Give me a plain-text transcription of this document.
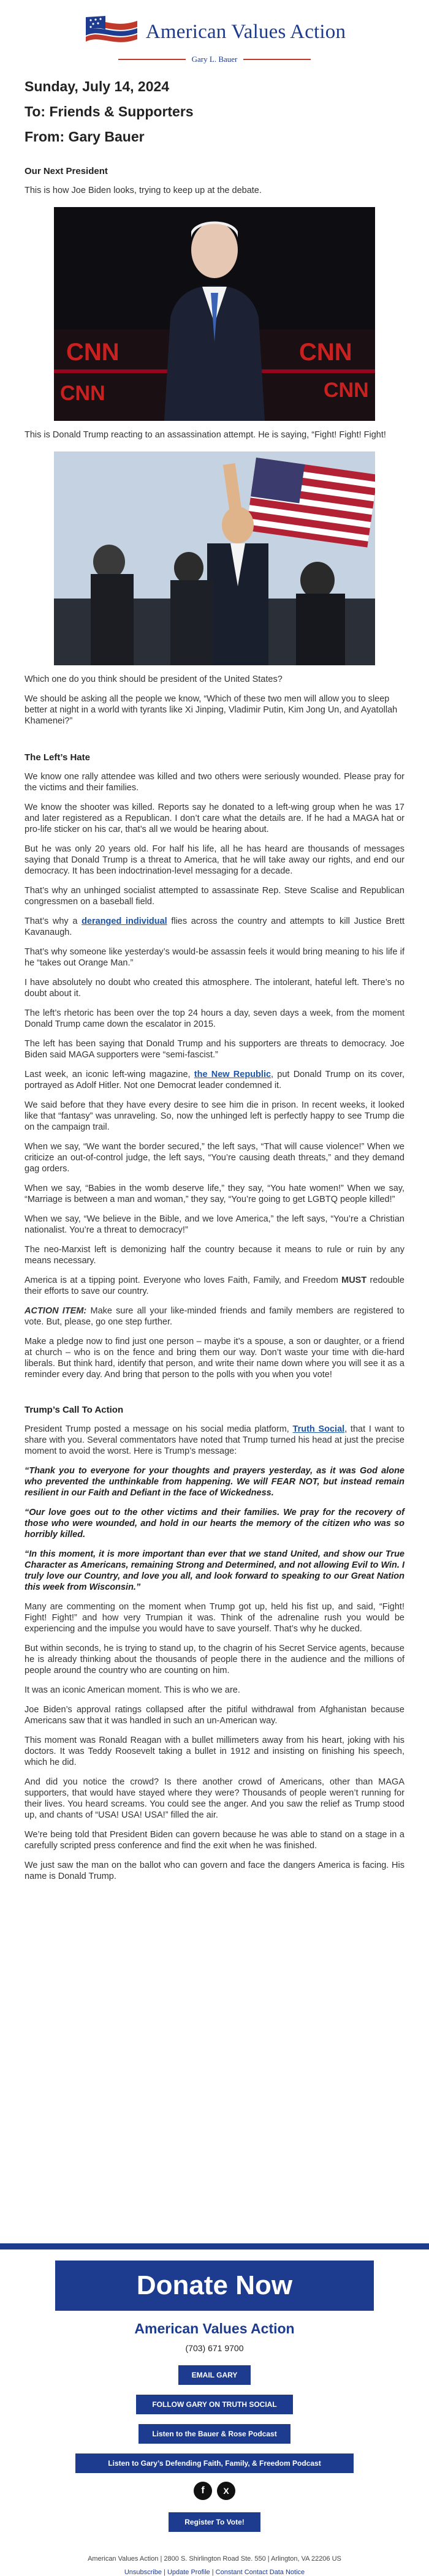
American Values Action
Gary L. Bauer
Sunday, July 14, 2024
To: Friends & Supporters
From: Gary Bauer
Our Next President
This is how Joe Biden looks, trying to keep up at the debate.
CNN	CNN
CNN
CNN
This is Donald Trump reacting to an assassination attempt. He is saying, “Fight! Fight! Fight!
Which one do you think should be president of the United States?
We should be asking all the people we know, “Which of these two men will allow you to sleep better at night in a world with tyrants like Xi Jinping, Vladimir Putin, Kim Jong Un, and Ayatollah Khamenei?”
The Left’s Hate
We know one rally attendee was killed and two others were seriously wounded. Please pray for the victims and their families.
We know the shooter was killed. Reports say he donated to a left-wing group when he was 17 and later registered as a Republican. I don’t care what the details are. If he had a MAGA hat or pro-life sticker on his car, that’s all we would be hearing about.
But he was only 20 years old. For half his life, all he has heard are thousands of messages saying that Donald Trump is a threat to America, that he will take away our rights, and end our democracy. It has been indoctrination-level messaging for a decade.
That’s why an unhinged socialist attempted to assassinate Rep. Steve Scalise and Republican congressmen on a baseball field.
That’s why a deranged individual flies across the country and attempts to kill Justice Brett Kavanaugh.
That’s why someone like yesterday’s would-be assassin feels it would bring meaning to his life if he “takes out Orange Man.”
I have absolutely no doubt who created this atmosphere. The intolerant, hateful left. There’s no doubt about it.
The left’s rhetoric has been over the top 24 hours a day, seven days a week, from the moment Donald Trump came down the escalator in 2015.
The left has been saying that Donald Trump and his supporters are threats to democracy. Joe Biden said MAGA supporters were “semi-fascist.”
Last week, an iconic left-wing magazine, the New Republic, put Donald Trump on its cover, portrayed as Adolf Hitler. Not one Democrat leader condemned it.
We said before that they have every desire to see him die in prison. In recent weeks, it looked like that “fantasy” was unraveling. So, now the unhinged left is perfectly happy to see Trump die on the campaign trail.
When we say, “We want the border secured,” the left says, “That will cause violence!” When we criticize an out-of-control judge, the left says, “You’re causing death threats,” and they demand gag orders.
When we say, “Babies in the womb deserve life,” they say, “You hate women!” When we say, “Marriage is between a man and woman,” they say, “You’re going to get LGBTQ people killed!”
When we say, “We believe in the Bible, and we love America,” the left says, “You’re a Christian nationalist. You’re a threat to democracy!”
The neo-Marxist left is demonizing half the country because it means to rule or ruin by any means necessary.
America is at a tipping point. Everyone who loves Faith, Family, and Freedom MUST redouble their efforts to save our country.
ACTION ITEM: Make sure all your like-minded friends and family members are registered to vote. But, please, go one step further.
Make a pledge now to find just one person – maybe it’s a spouse, a son or daughter, or a friend at church – who is on the fence and bring them our way. Don’t waste your time with die-hard liberals. But think hard, identify that person, and write their name down where you will see it as a reminder every day. And bring that person to the polls with you when you vote!
Trump’s Call To Action
President Trump posted a message on his social media platform, Truth Social, that I want to share with you. Several commentators have noted that Trump turned his head at just the precise moment to avoid the worst. Here is Trump’s message:
“Thank you to everyone for your thoughts and prayers yesterday, as it was God alone who prevented the unthinkable from happening. We will FEAR NOT, but instead remain resilient in our Faith and Defiant in the face of Wickedness.
“Our love goes out to the other victims and their families. We pray for the recovery of those who were wounded, and hold in our hearts the memory of the citizen who was so horribly killed.
“In this moment, it is more important than ever that we stand United, and show our True Character as Americans, remaining Strong and Determined, and not allowing Evil to Win. I truly love our Country, and love you all, and look forward to speaking to our Great Nation this week from Wisconsin.”
Many are commenting on the moment when Trump got up, held his fist up, and said, “Fight! Fight! Fight!” and how very Trumpian it was. Think of the adrenaline rush you would be experiencing and the impulse you would have to save yourself. That’s why he ducked.
But within seconds, he is trying to stand up, to the chagrin of his Secret Service agents, because he is already thinking about the thousands of people there in the audience and the millions of people around the country who are counting on him.
It was an iconic American moment. This is who we are.
Joe Biden’s approval ratings collapsed after the pitiful withdrawal from Afghanistan because Americans saw that it was handled in such an un-American way.
This moment was Ronald Reagan with a bullet millimeters away from his heart, joking with his doctors. It was Teddy Roosevelt taking a bullet in 1912 and insisting on finishing his speech, which he did.
And did you notice the crowd? Is there another crowd of Americans, other than MAGA supporters, that would have stayed where they were? Thousands of people weren’t running for their lives. You heard screams. You could see the anger. And you saw the relief as Trump stood up, and chants of “USA! USA! USA!” filled the air.
We’re being told that President Biden can govern because he was able to stand on a stage in a carefully scripted press conference and find the exit when he was finished.
We just saw the man on the ballot who can govern and face the dangers America is facing. His name is Donald Trump.
Donate Now
American Values Action
(703) 671 9700
EMAIL GARY
FOLLOW GARY ON TRUTH SOCIAL
Listen to the Bauer & Rose Podcast
Listen to Gary’s Defending Faith, Family, & Freedom Podcast
f	X
Register To Vote!
American Values Action | 2800 S. Shirlington Road Ste. 550 | Arlington, VA 22206 US
Unsubscribe | Update Profile | Constant Contact Data Notice
